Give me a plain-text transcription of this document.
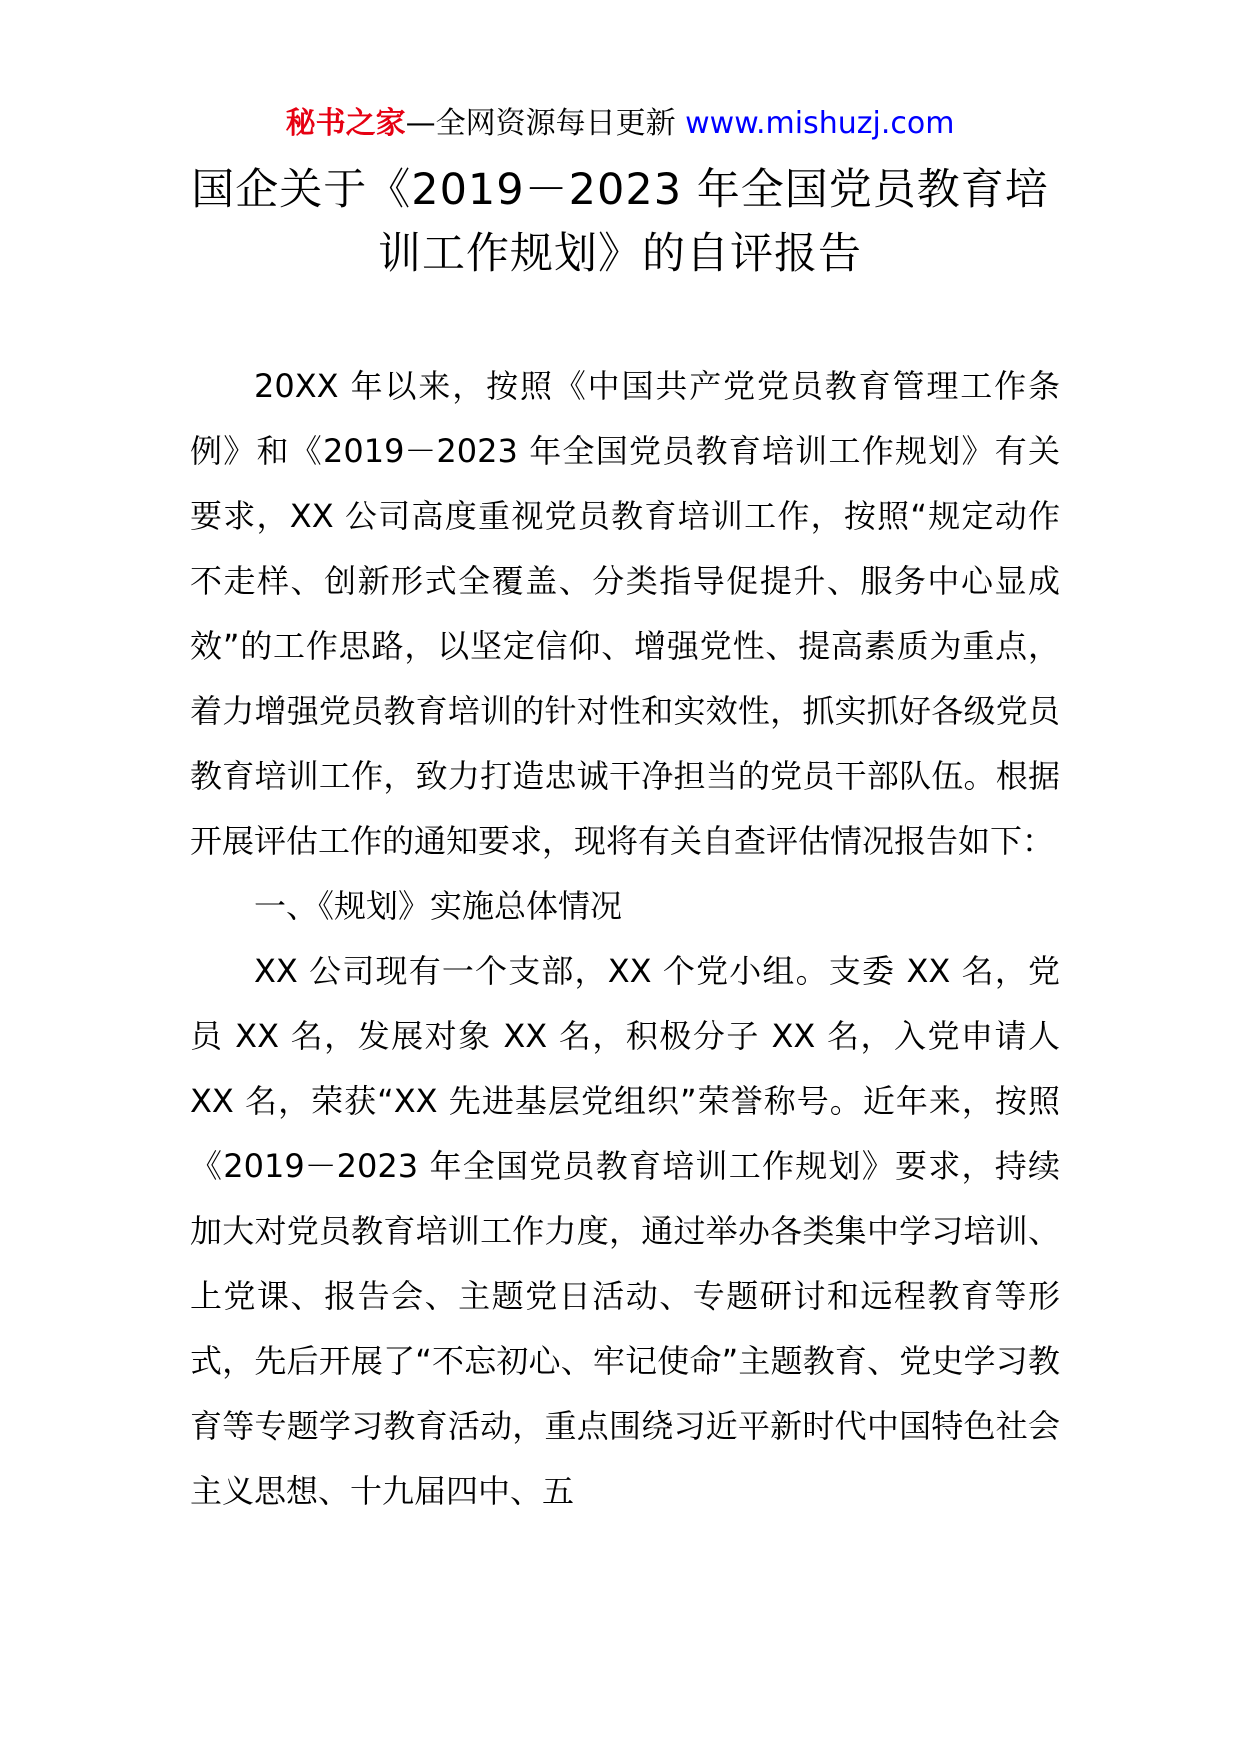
秘书之家—全网资源每日更新 www.mishuzj.com
国企关于《2019－2023 年全国党员教育培
训工作规划》的自评报告

20XX 年以来，按照《中国共产党党员教育管理工作条例》和《2019－2023 年全国党员教育培训工作规划》有关要求，XX 公司高度重视党员教育培训工作，按照“规定动作不走样、创新形式全覆盖、分类指导促提升、服务中心显成效”的工作思路，以坚定信仰、增强党性、提高素质为重点，着力增强党员教育培训的针对性和实效性，抓实抓好各级党员教育培训工作，致力打造忠诚干净担当的党员干部队伍。根据开展评估工作的通知要求，现将有关自查评估情况报告如下：

一、《规划》实施总体情况

XX 公司现有一个支部，XX 个党小组。支委 XX 名，党员 XX 名，发展对象 XX 名，积极分子 XX 名，入党申请人 XX 名，荣获“XX 先进基层党组织”荣誉称号。近年来，按照《2019－2023 年全国党员教育培训工作规划》要求，持续加大对党员教育培训工作力度，通过举办各类集中学习培训、上党课、报告会、主题党日活动、专题研讨和远程教育等形式，先后开展了“不忘初心、牢记使命”主题教育、党史学习教育等专题学习教育活动，重点围绕习近平新时代中国特色社会主义思想、十九届四中、五
